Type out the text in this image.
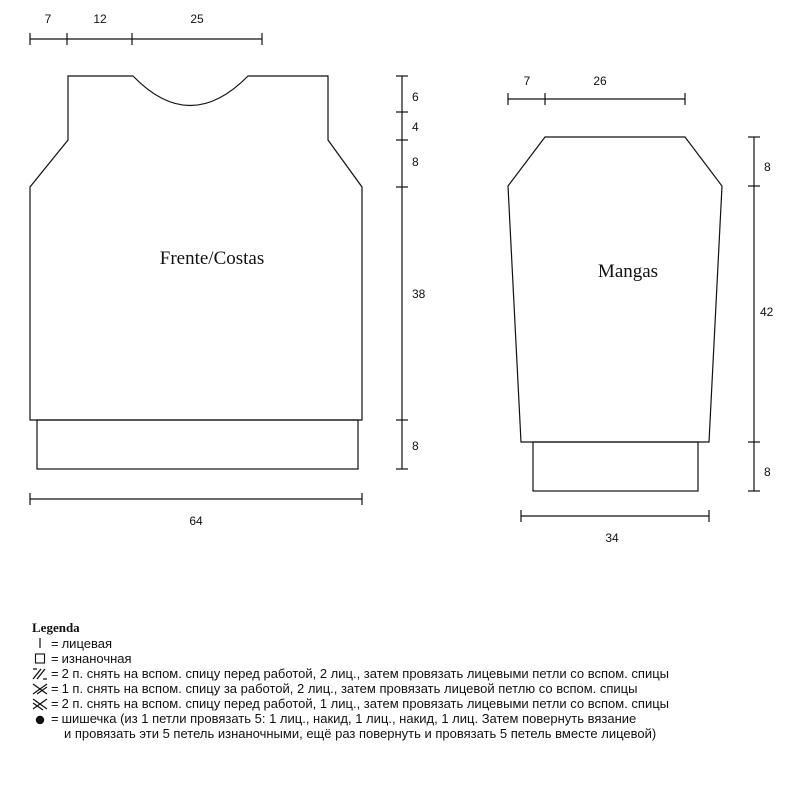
Frente/Costas
7	12	25
6
4
8
38
8
64
Mangas
7	26
8
42
8
34
Legenda
= лицевая
= изнаночная
= 2 п. снять на вспом. спицу перед работой, 2 лиц., затем провязать лицевыми петли со вспом. спицы
= 1 п. снять на вспом. спицу за работой, 2 лиц., затем провязать лицевой петлю со вспом. спицы
= 2 п. снять на вспом. спицу перед работой, 1 лиц., затем провязать лицевыми петли со вспом. спицы
= шишечка (из 1 петли провязать 5: 1 лиц., накид, 1 лиц., накид, 1 лиц. Затем повернуть вязание
и провязать эти 5 петель изнаночными, ещё раз повернуть и провязать 5 петель вместе лицевой)
